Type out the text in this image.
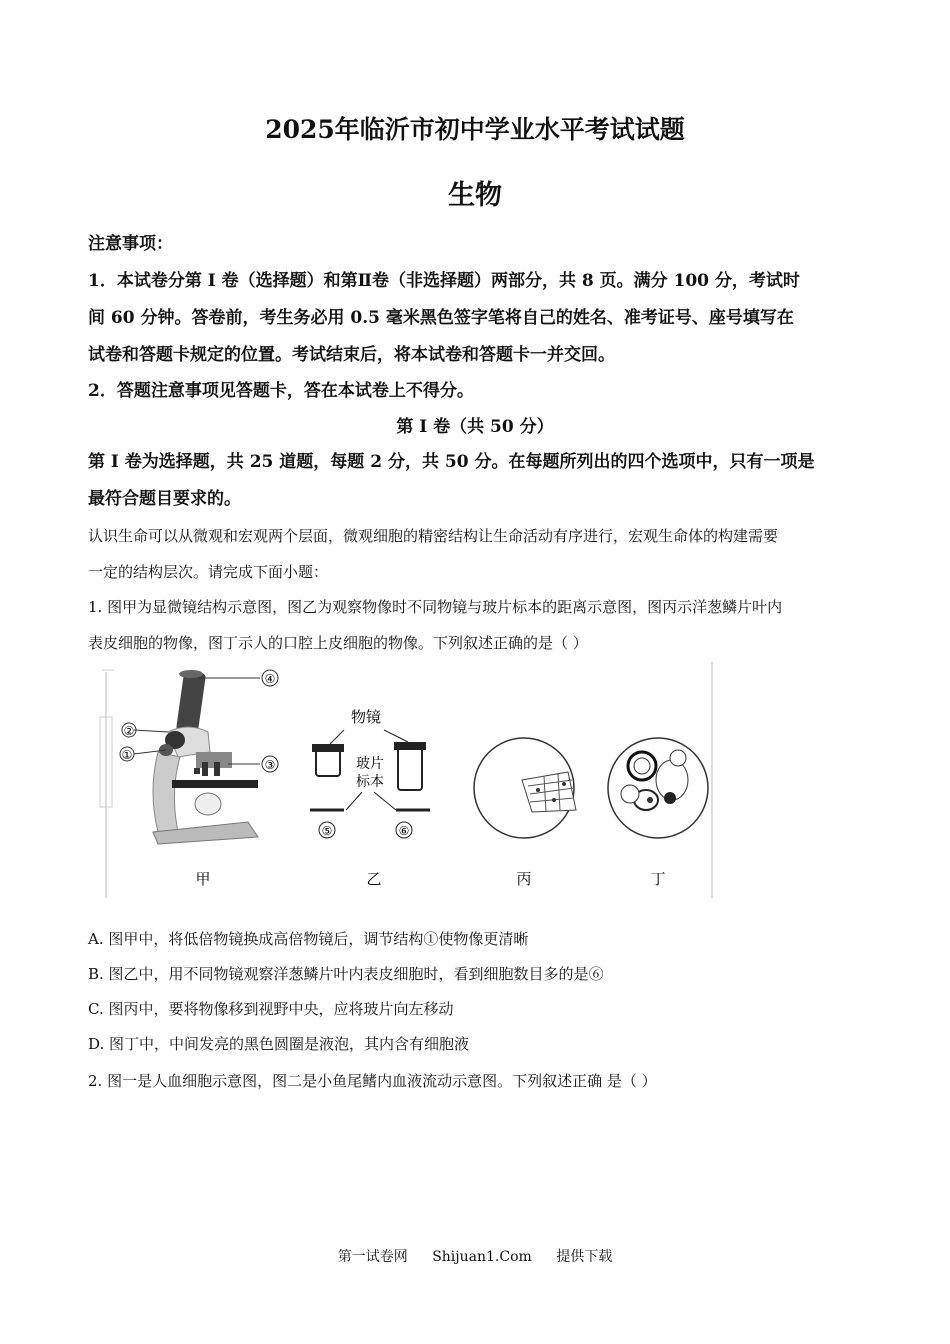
2025年临沂市初中学业水平考试试题
生物
注意事项：
1．本试卷分第 I 卷（选择题）和第Ⅱ卷（非选择题）两部分，共 8 页。满分 100 分，考试时
间 60 分钟。答卷前，考生务必用 0.5 毫米黑色签字笔将自己的姓名、准考证号、座号填写在
试卷和答题卡规定的位置。考试结束后，将本试卷和答题卡一并交回。
2．答题注意事项见答题卡，答在本试卷上不得分。
第 I 卷（共 50 分）
第 I 卷为选择题，共 25 道题，每题 2 分，共 50 分。在每题所列出的四个选项中，只有一项是
最符合题目要求的。
认识生命可以从微观和宏观两个层面，微观细胞的精密结构让生命活动有序进行，宏观生命体的构建需要
一定的结构层次。请完成下面小题：
1. 图甲为显微镜结构示意图，图乙为观察物像时不同物镜与玻片标本的距离示意图，图丙示洋葱鳞片叶内
表皮细胞的物像，图丁示人的口腔上皮细胞的物像。下列叙述正确的是（ ）
④
③
②
①
甲
物镜
玻片
标本
⑤	⑥
乙	丙	丁
A. 图甲中，将低倍物镜换成高倍物镜后，调节结构①使物像更清晰
B. 图乙中，用不同物镜观察洋葱鳞片叶内表皮细胞时，看到细胞数目多的是⑥
C. 图丙中，要将物像移到视野中央，应将玻片向左移动
D. 图丁中，中间发亮的黑色圆圈是液泡，其内含有细胞液
2. 图一是人血细胞示意图，图二是小鱼尾鳍内血液流动示意图。下列叙述正确 是（ ）
第一试卷网 Shijuan1.Com 提供下载
